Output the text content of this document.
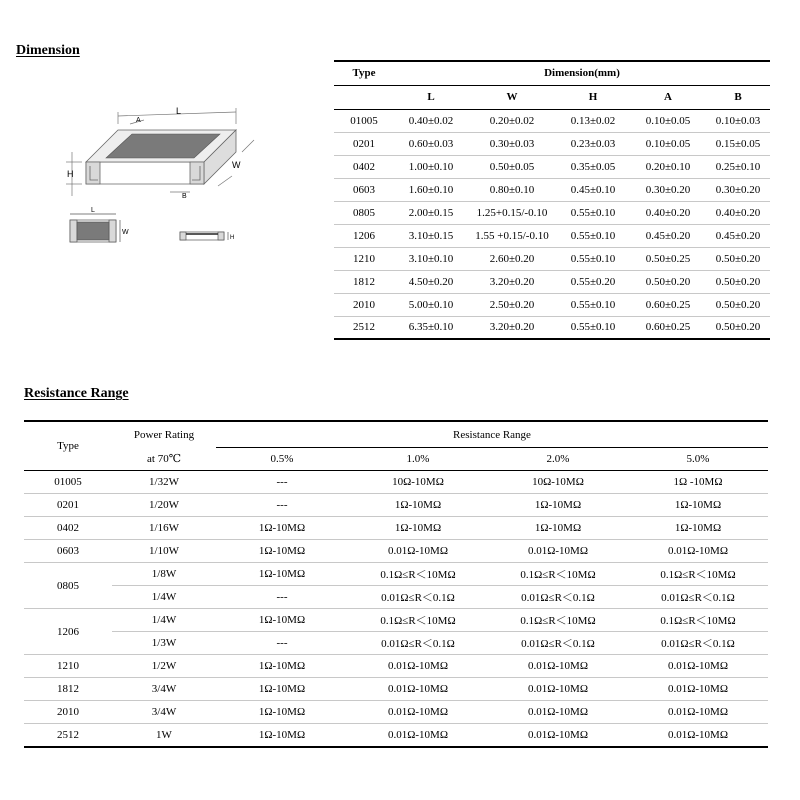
Dimension
L
A
H
W
B
L
W
H
Type	Dimension(mm)				
	L	W	H	A	B
01005	0.40±0.02	0.20±0.02	0.13±0.02	0.10±0.05	0.10±0.03
0201	0.60±0.03	0.30±0.03	0.23±0.03	0.10±0.05	0.15±0.05
0402	1.00±0.10	0.50±0.05	0.35±0.05	0.20±0.10	0.25±0.10
0603	1.60±0.10	0.80±0.10	0.45±0.10	0.30±0.20	0.30±0.20
0805	2.00±0.15	1.25+0.15/-0.10	0.55±0.10	0.40±0.20	0.40±0.20
1206	3.10±0.15	1.55 +0.15/-0.10	0.55±0.10	0.45±0.20	0.45±0.20
1210	3.10±0.10	2.60±0.20	0.55±0.10	0.50±0.25	0.50±0.20
1812	4.50±0.20	3.20±0.20	0.55±0.20	0.50±0.20	0.50±0.20
2010	5.00±0.10	2.50±0.20	0.55±0.10	0.60±0.25	0.50±0.20
2512	6.35±0.10	3.20±0.20	0.55±0.10	0.60±0.25	0.50±0.20
Resistance Range
Type	Power Rating	Resistance Range			
	at 70℃	0.5%	1.0%	2.0%	5.0%
01005	1/32W	---	10Ω-10MΩ	10Ω-10MΩ	1Ω -10MΩ
0201	1/20W	---	1Ω-10MΩ	1Ω-10MΩ	1Ω-10MΩ
0402	1/16W	1Ω-10MΩ	1Ω-10MΩ	1Ω-10MΩ	1Ω-10MΩ
0603	1/10W	1Ω-10MΩ	0.01Ω-10MΩ	0.01Ω-10MΩ	0.01Ω-10MΩ
0805	1/8W	1Ω-10MΩ	0.1Ω≤R＜10MΩ	0.1Ω≤R＜10MΩ	0.1Ω≤R＜10MΩ
	1/4W	---	0.01Ω≤R＜0.1Ω	0.01Ω≤R＜0.1Ω	0.01Ω≤R＜0.1Ω
1206	1/4W	1Ω-10MΩ	0.1Ω≤R＜10MΩ	0.1Ω≤R＜10MΩ	0.1Ω≤R＜10MΩ
	1/3W	---	0.01Ω≤R＜0.1Ω	0.01Ω≤R＜0.1Ω	0.01Ω≤R＜0.1Ω
1210	1/2W	1Ω-10MΩ	0.01Ω-10MΩ	0.01Ω-10MΩ	0.01Ω-10MΩ
1812	3/4W	1Ω-10MΩ	0.01Ω-10MΩ	0.01Ω-10MΩ	0.01Ω-10MΩ
2010	3/4W	1Ω-10MΩ	0.01Ω-10MΩ	0.01Ω-10MΩ	0.01Ω-10MΩ
2512	1W	1Ω-10MΩ	0.01Ω-10MΩ	0.01Ω-10MΩ	0.01Ω-10MΩ
